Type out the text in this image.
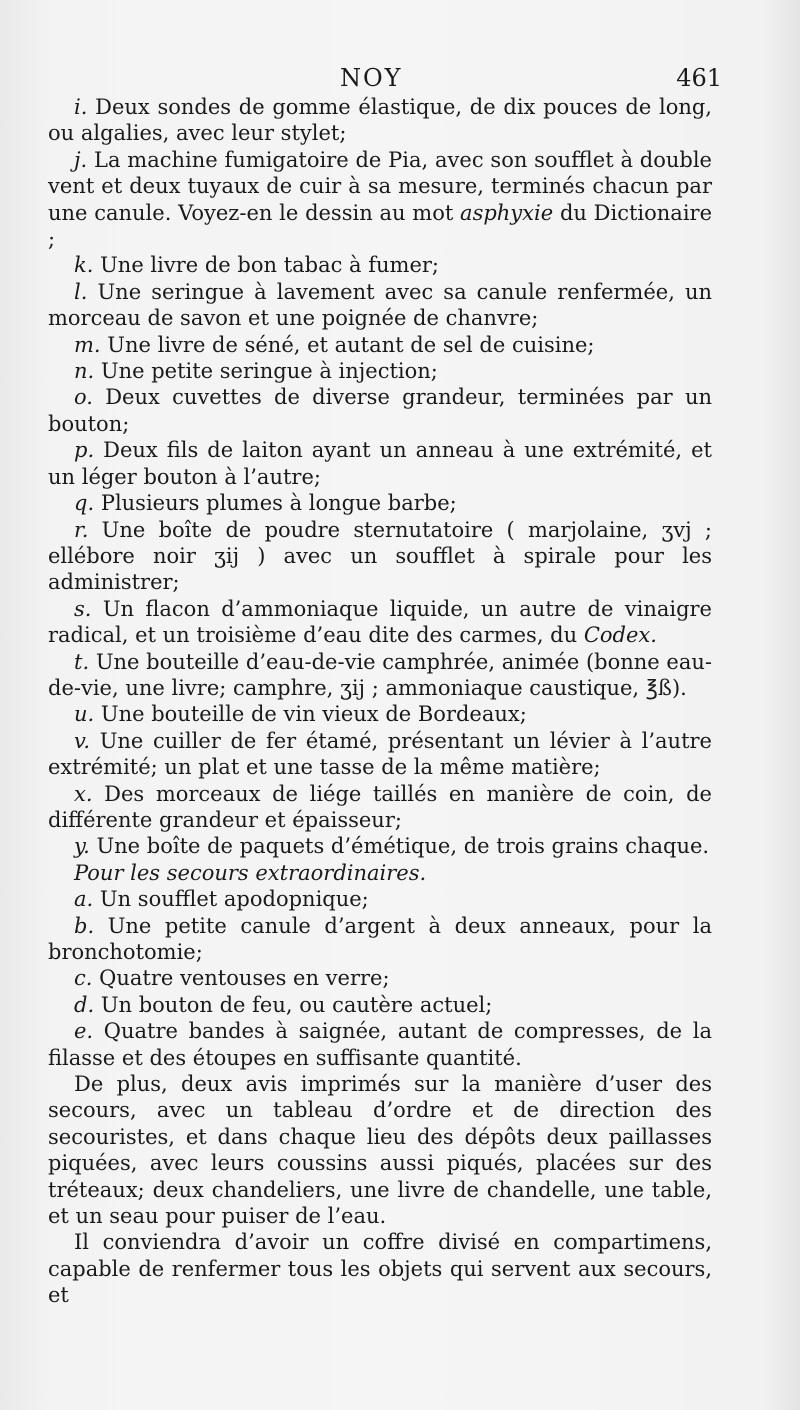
NOY	461

i. Deux sondes de gomme élastique, de dix pouces de long, ou algalies, avec leur stylet;

j. La machine fumigatoire de Pia, avec son soufflet à double vent et deux tuyaux de cuir à sa mesure, terminés chacun par une canule. Voyez-en le dessin au mot asphyxie du Dictionaire ;

k. Une livre de bon tabac à fumer;

l. Une seringue à lavement avec sa canule renfermée, un morceau de savon et une poignée de chanvre;

m. Une livre de séné, et autant de sel de cuisine;

n. Une petite seringue à injection;

o. Deux cuvettes de diverse grandeur, terminées par un bouton;

p. Deux fils de laiton ayant un anneau à une extrémité, et un léger bouton à l’autre;

q. Plusieurs plumes à longue barbe;

r. Une boîte de poudre sternutatoire ( marjolaine, ʒvj ; ellébore noir ʒij ) avec un soufflet à spirale pour les administrer;

s. Un flacon d’ammoniaque liquide, un autre de vinaigre radical, et un troisième d’eau dite des carmes, du Codex.

t. Une bouteille d’eau-de-vie camphrée, animée (bonne eau-de-vie, une livre; camphre, ʒij ; ammoniaque caustique, ℥ß).

u. Une bouteille de vin vieux de Bordeaux;

v. Une cuiller de fer étamé, présentant un lévier à l’autre extrémité; un plat et une tasse de la même matière;

x. Des morceaux de liége taillés en manière de coin, de différente grandeur et épaisseur;

y. Une boîte de paquets d’émétique, de trois grains chaque.

Pour les secours extraordinaires.

a. Un soufflet apodopnique;

b. Une petite canule d’argent à deux anneaux, pour la bronchotomie;

c. Quatre ventouses en verre;

d. Un bouton de feu, ou cautère actuel;

e. Quatre bandes à saignée, autant de compresses, de la filasse et des étoupes en suffisante quantité.

De plus, deux avis imprimés sur la manière d’user des secours, avec un tableau d’ordre et de direction des secouristes, et dans chaque lieu des dépôts deux paillasses piquées, avec leurs coussins aussi piqués, placées sur des tréteaux; deux chandeliers, une livre de chandelle, une table, et un seau pour puiser de l’eau.

Il conviendra d’avoir un coffre divisé en compartimens, capable de renfermer tous les objets qui servent aux secours, et
